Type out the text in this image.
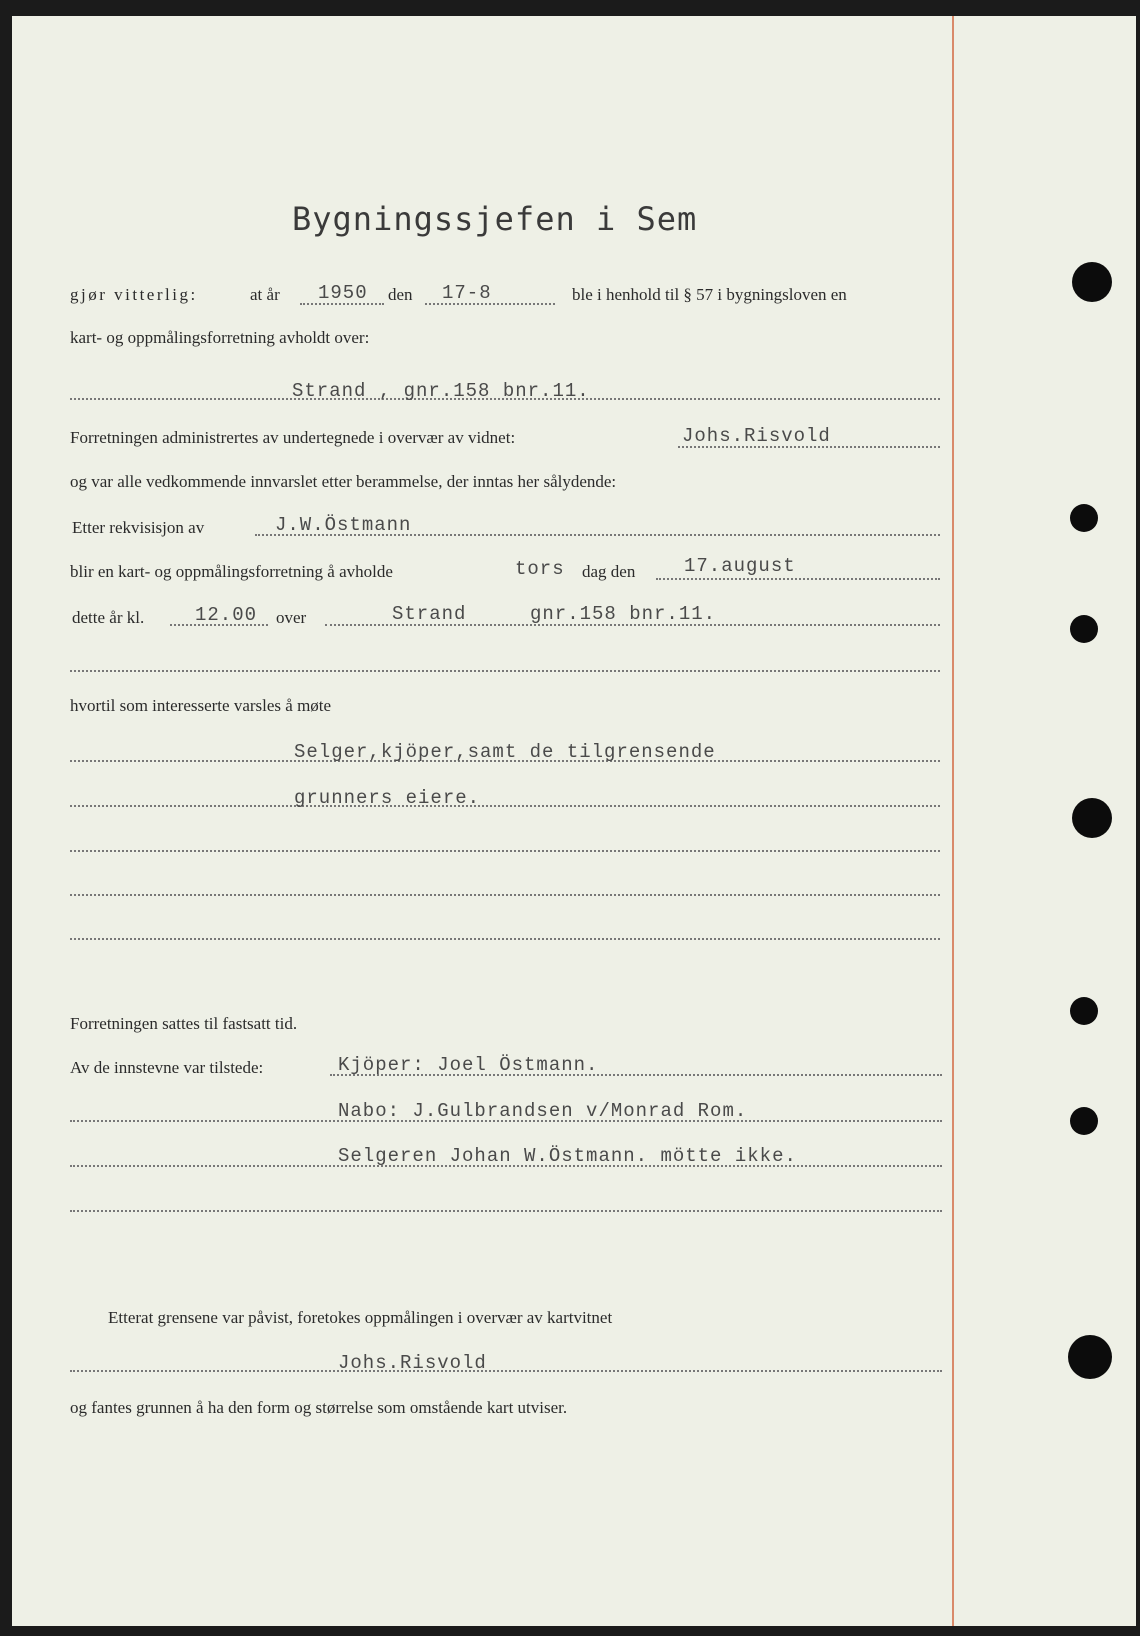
Bygningssjefen i Sem
gjør vitterlig:	at år 1950 den 17-8	ble i henhold til § 57 i bygningsloven en
kart- og oppmålingsforretning avholdt over:
Strand , gnr.158 bnr.11.
Forretningen administrertes av undertegnede i overvær av vidnet:	Johs.Risvold
og var alle vedkommende innvarslet etter berammelse, der inntas her sålydende:
Etter rekvisisjon av	J.W.Östmann
blir en kart- og oppmålingsforretning å avholde	tors dag den	17.august
dette år kl.	12.00 over	Strand	gnr.158 bnr.11.
hvortil som interesserte varsles å møte
Selger,kjöper,samt de tilgrensende
grunners eiere.
Forretningen sattes til fastsatt tid.
Av de innstevne var tilstede:	Kjöper: Joel Östmann.
Nabo: J.Gulbrandsen v/Monrad Rom.
Selgeren Johan W.Östmann. mötte ikke.
Etterat grensene var påvist, foretokes oppmålingen i overvær av kartvitnet
Johs.Risvold
og fantes grunnen å ha den form og størrelse som omstående kart utviser.
